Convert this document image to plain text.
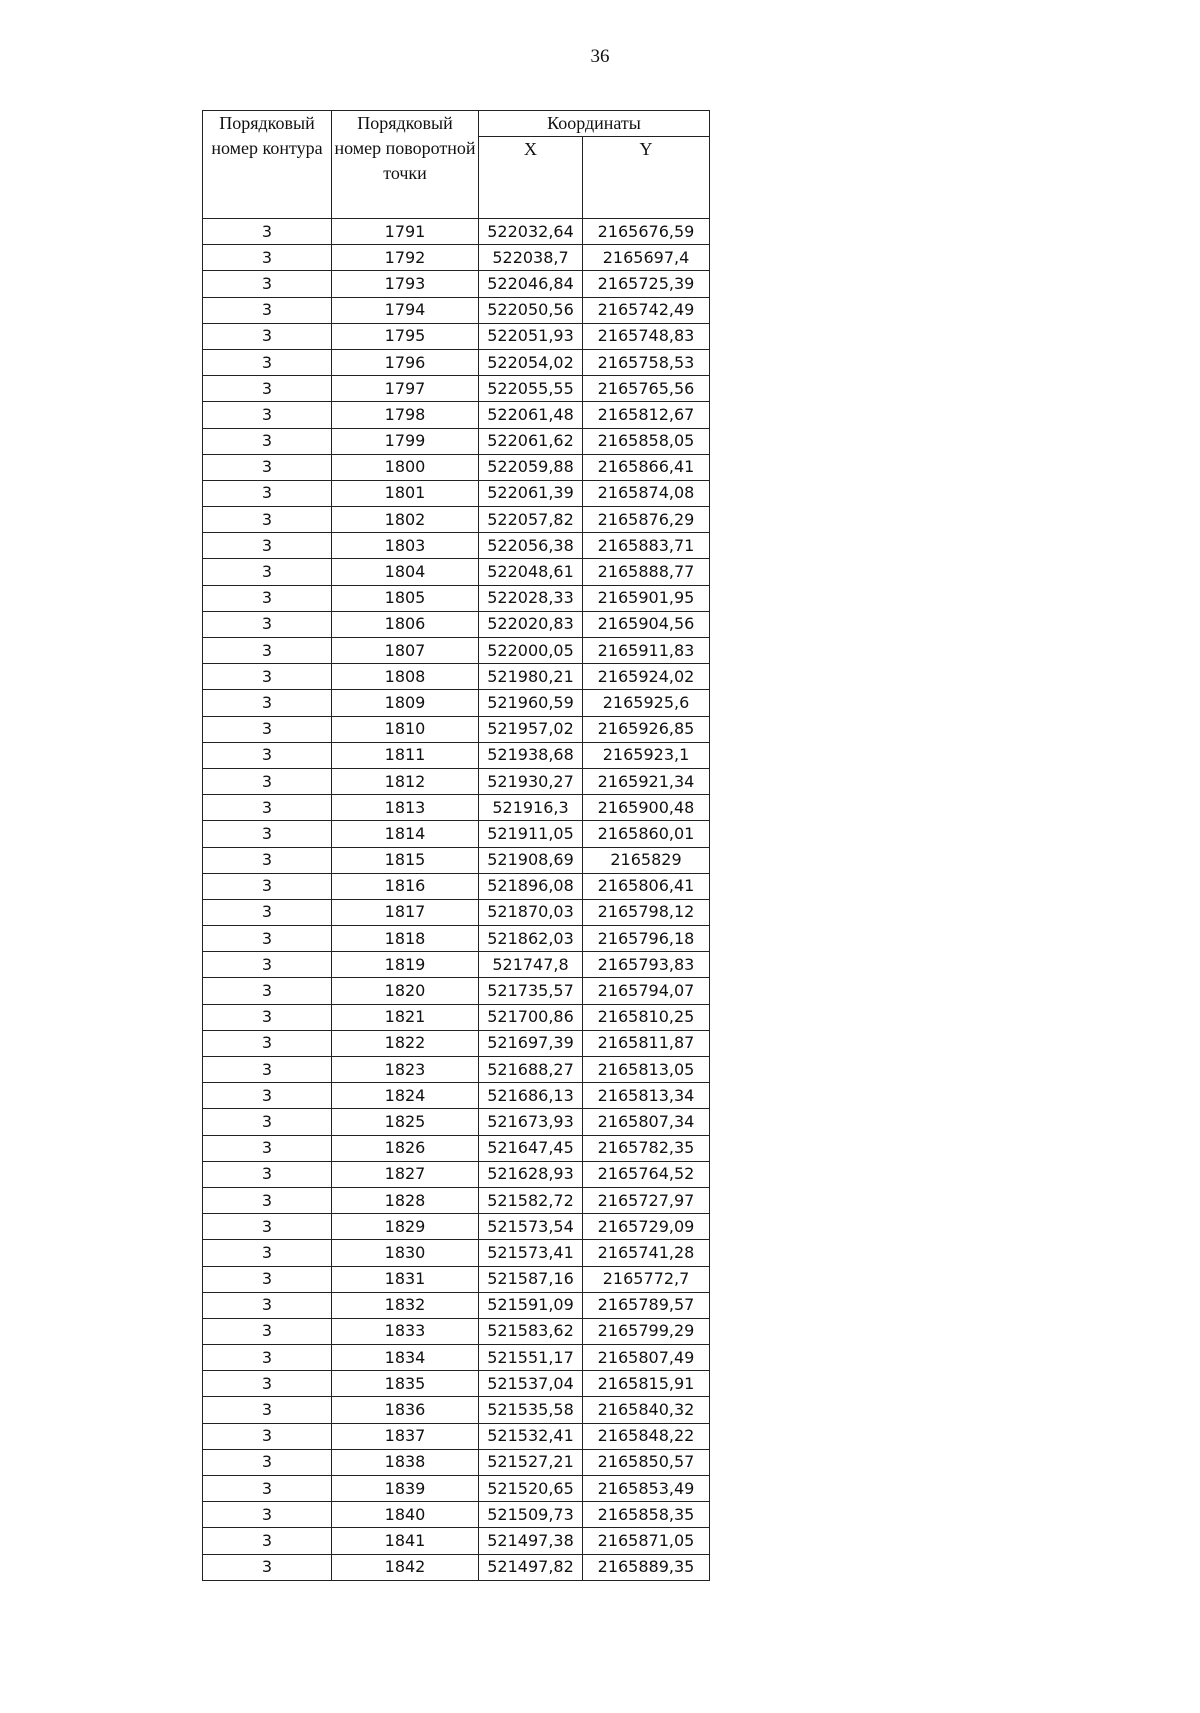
36
Порядковый номер контура	Порядковый номер поворотной точки	Координаты	
		X	Y
3	1791	522032,64	2165676,59
3	1792	522038,7	2165697,4
3	1793	522046,84	2165725,39
3	1794	522050,56	2165742,49
3	1795	522051,93	2165748,83
3	1796	522054,02	2165758,53
3	1797	522055,55	2165765,56
3	1798	522061,48	2165812,67
3	1799	522061,62	2165858,05
3	1800	522059,88	2165866,41
3	1801	522061,39	2165874,08
3	1802	522057,82	2165876,29
3	1803	522056,38	2165883,71
3	1804	522048,61	2165888,77
3	1805	522028,33	2165901,95
3	1806	522020,83	2165904,56
3	1807	522000,05	2165911,83
3	1808	521980,21	2165924,02
3	1809	521960,59	2165925,6
3	1810	521957,02	2165926,85
3	1811	521938,68	2165923,1
3	1812	521930,27	2165921,34
3	1813	521916,3	2165900,48
3	1814	521911,05	2165860,01
3	1815	521908,69	2165829
3	1816	521896,08	2165806,41
3	1817	521870,03	2165798,12
3	1818	521862,03	2165796,18
3	1819	521747,8	2165793,83
3	1820	521735,57	2165794,07
3	1821	521700,86	2165810,25
3	1822	521697,39	2165811,87
3	1823	521688,27	2165813,05
3	1824	521686,13	2165813,34
3	1825	521673,93	2165807,34
3	1826	521647,45	2165782,35
3	1827	521628,93	2165764,52
3	1828	521582,72	2165727,97
3	1829	521573,54	2165729,09
3	1830	521573,41	2165741,28
3	1831	521587,16	2165772,7
3	1832	521591,09	2165789,57
3	1833	521583,62	2165799,29
3	1834	521551,17	2165807,49
3	1835	521537,04	2165815,91
3	1836	521535,58	2165840,32
3	1837	521532,41	2165848,22
3	1838	521527,21	2165850,57
3	1839	521520,65	2165853,49
3	1840	521509,73	2165858,35
3	1841	521497,38	2165871,05
3	1842	521497,82	2165889,35
